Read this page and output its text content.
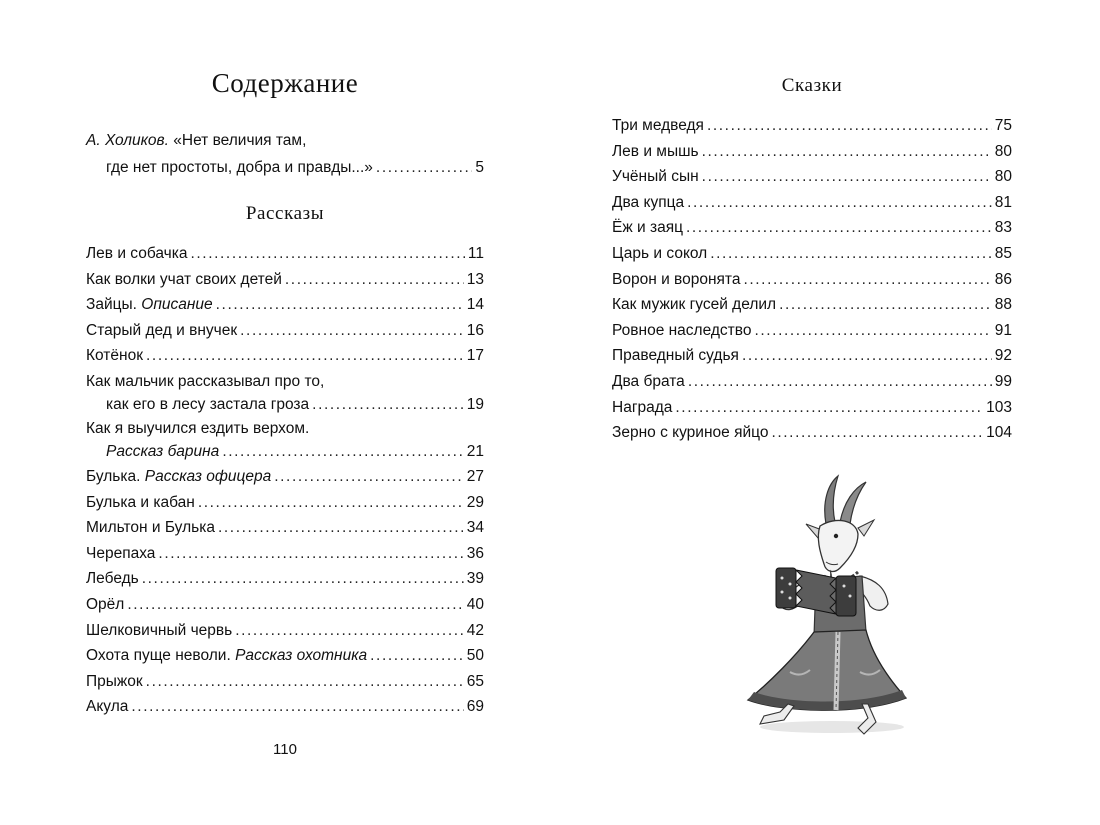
Содержание
А. Холиков. «Нет величия там,
где нет простоты, добра и правды...» .....	5
Рассказы
Лев и собачка .....	11
Как волки учат своих детей .....	13
Зайцы. Описание .....	14
Старый дед и внучек .....	16
Котёнок .....	17
Как мальчик рассказывал про то,
как его в лесу застала гроза .....	19
Как я выучился ездить верхом.
Рассказ барина .....	21
Булька. Рассказ офицера .....	27
Булька и кабан .....	29
Мильтон и Булька .....	34
Черепаха .....	36
Лебедь .....	39
Орёл .....	40
Шелковичный червь .....	42
Охота пуще неволи. Рассказ охотника .....	50
Прыжок .....	65
Акула .....	69
110
Сказки
Три медведя .....	75
Лев и мышь .....	80
Учёный сын .....	80
Два купца .....	81
Ёж и заяц .....	83
Царь и сокол .....	85
Ворон и воронята .....	86
Как мужик гусей делил .....	88
Ровное наследство .....	91
Праведный судья .....	92
Два брата .....	99
Награда .....	103
Зерно с куриное яйцо .....	104
